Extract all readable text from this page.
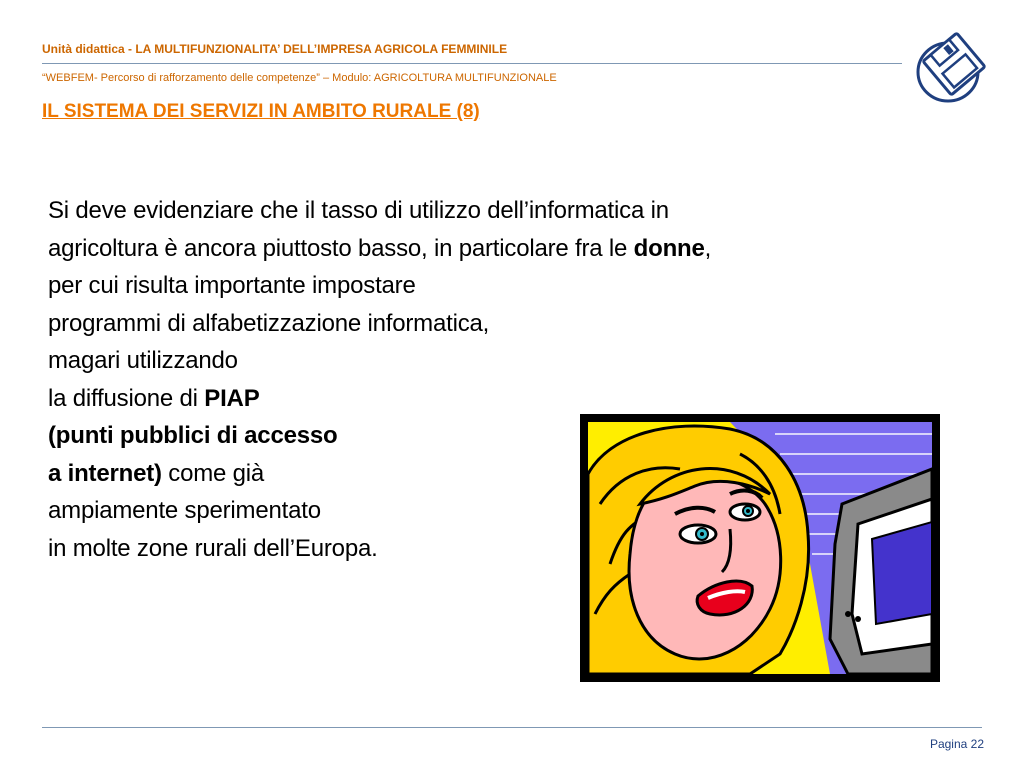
Unità didattica - LA MULTIFUNZIONALITA’ DELL’IMPRESA AGRICOLA FEMMINILE
“WEBFEM- Percorso di rafforzamento delle competenze” – Modulo: AGRICOLTURA MULTIFUNZIONALE
IL SISTEMA DEI SERVIZI IN AMBITO RURALE (8)
Si deve evidenziare che il tasso di utilizzo dell’informatica in
agricoltura è ancora piuttosto basso, in particolare fra le donne,
per cui risulta importante impostare
programmi di alfabetizzazione informatica,
magari utilizzando
la diffusione di PIAP
(punti pubblici di accesso
a internet) come già
ampiamente sperimentato
in molte zone rurali dell’Europa.
Pagina 22
